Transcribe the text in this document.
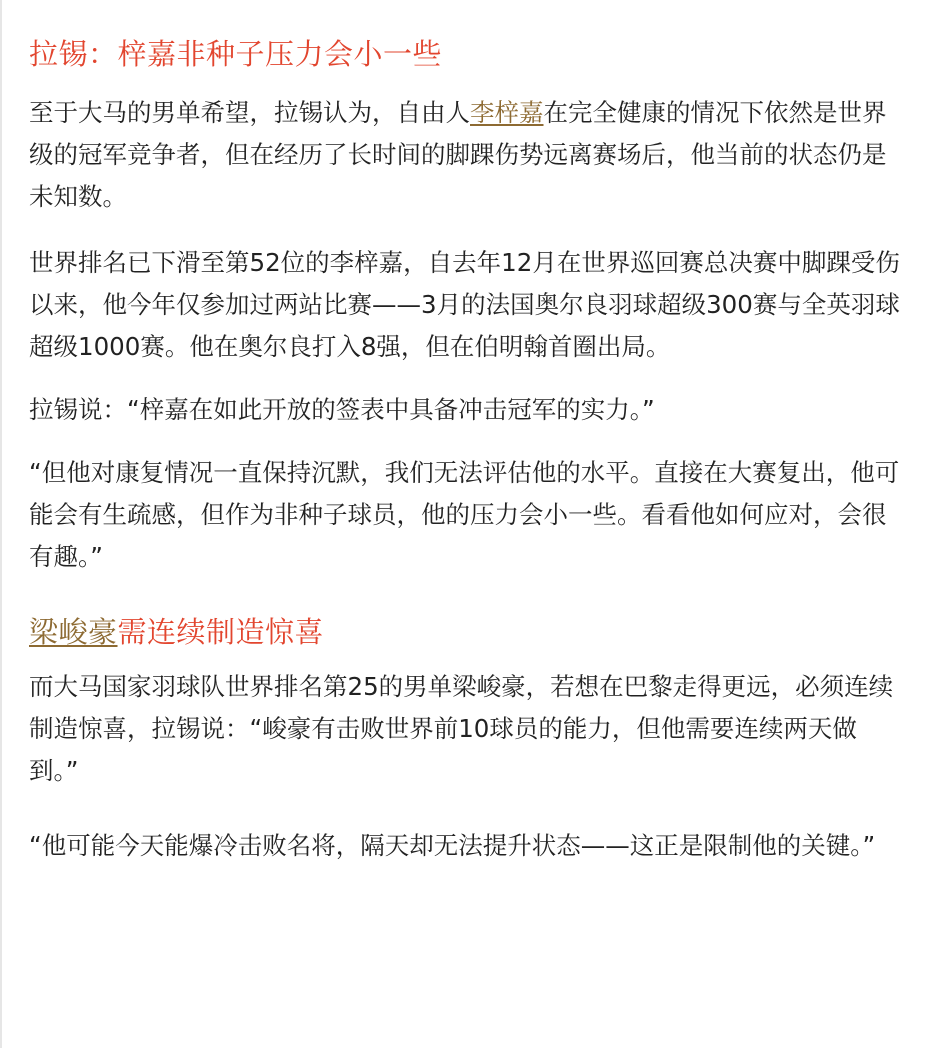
拉锡：梓嘉非种子压力会小一些

至于大马的男单希望，拉锡认为，自由人李梓嘉在完全健康的情况下依然是世界级的冠军竞争者，但在经历了长时间的脚踝伤势远离赛场后，他当前的状态仍是未知数。

世界排名已下滑至第52位的李梓嘉，自去年12月在世界巡回赛总决赛中脚踝受伤以来，他今年仅参加过两站比赛——3月的法国奥尔良羽球超级300赛与全英羽球超级1000赛。他在奥尔良打入8强，但在伯明翰首圈出局。

拉锡说：“梓嘉在如此开放的签表中具备冲击冠军的实力。”

“但他对康复情况一直保持沉默，我们无法评估他的水平。直接在大赛复出，他可能会有生疏感，但作为非种子球员，他的压力会小一些。看看他如何应对，会很有趣。”

梁峻豪需连续制造惊喜

而大马国家羽球队世界排名第25的男单梁峻豪，若想在巴黎走得更远，必须连续制造惊喜，拉锡说：“峻豪有击败世界前10球员的能力，但他需要连续两天做到。”

“他可能今天能爆冷击败名将，隔天却无法提升状态——这正是限制他的关键。”
